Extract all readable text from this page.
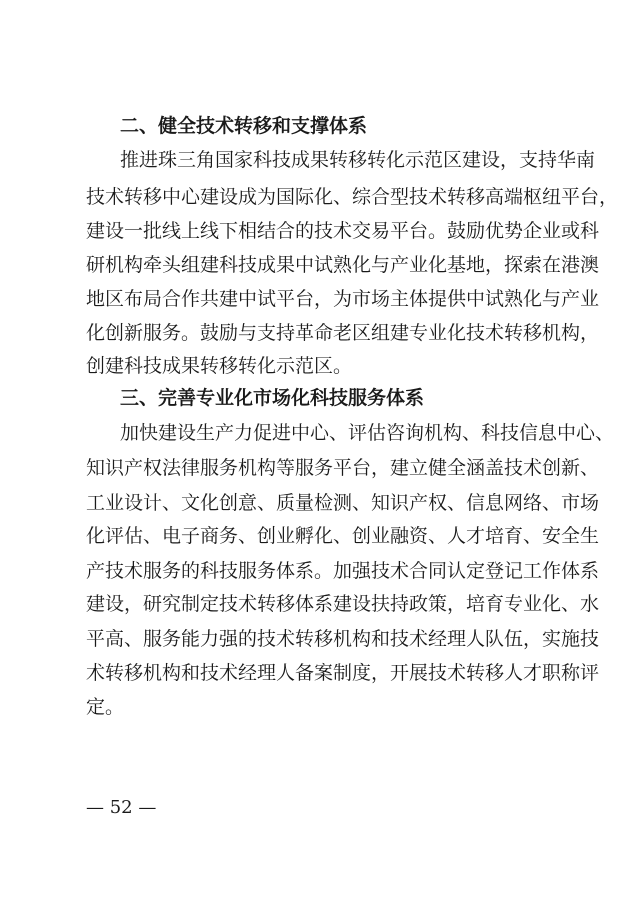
二、健全技术转移和支撑体系
推进珠三角国家科技成果转移转化示范区建设，支持华南
技术转移中心建设成为国际化、综合型技术转移高端枢纽平台，
建设一批线上线下相结合的技术交易平台。鼓励优势企业或科
研机构牵头组建科技成果中试熟化与产业化基地，探索在港澳
地区布局合作共建中试平台，为市场主体提供中试熟化与产业
化创新服务。鼓励与支持革命老区组建专业化技术转移机构，
创建科技成果转移转化示范区。
三、完善专业化市场化科技服务体系
加快建设生产力促进中心、评估咨询机构、科技信息中心、
知识产权法律服务机构等服务平台，建立健全涵盖技术创新、
工业设计、文化创意、质量检测、知识产权、信息网络、市场
化评估、电子商务、创业孵化、创业融资、人才培育、安全生
产技术服务的科技服务体系。加强技术合同认定登记工作体系
建设，研究制定技术转移体系建设扶持政策，培育专业化、水
平高、服务能力强的技术转移机构和技术经理人队伍，实施技
术转移机构和技术经理人备案制度，开展技术转移人才职称评
定。
— 52 —
